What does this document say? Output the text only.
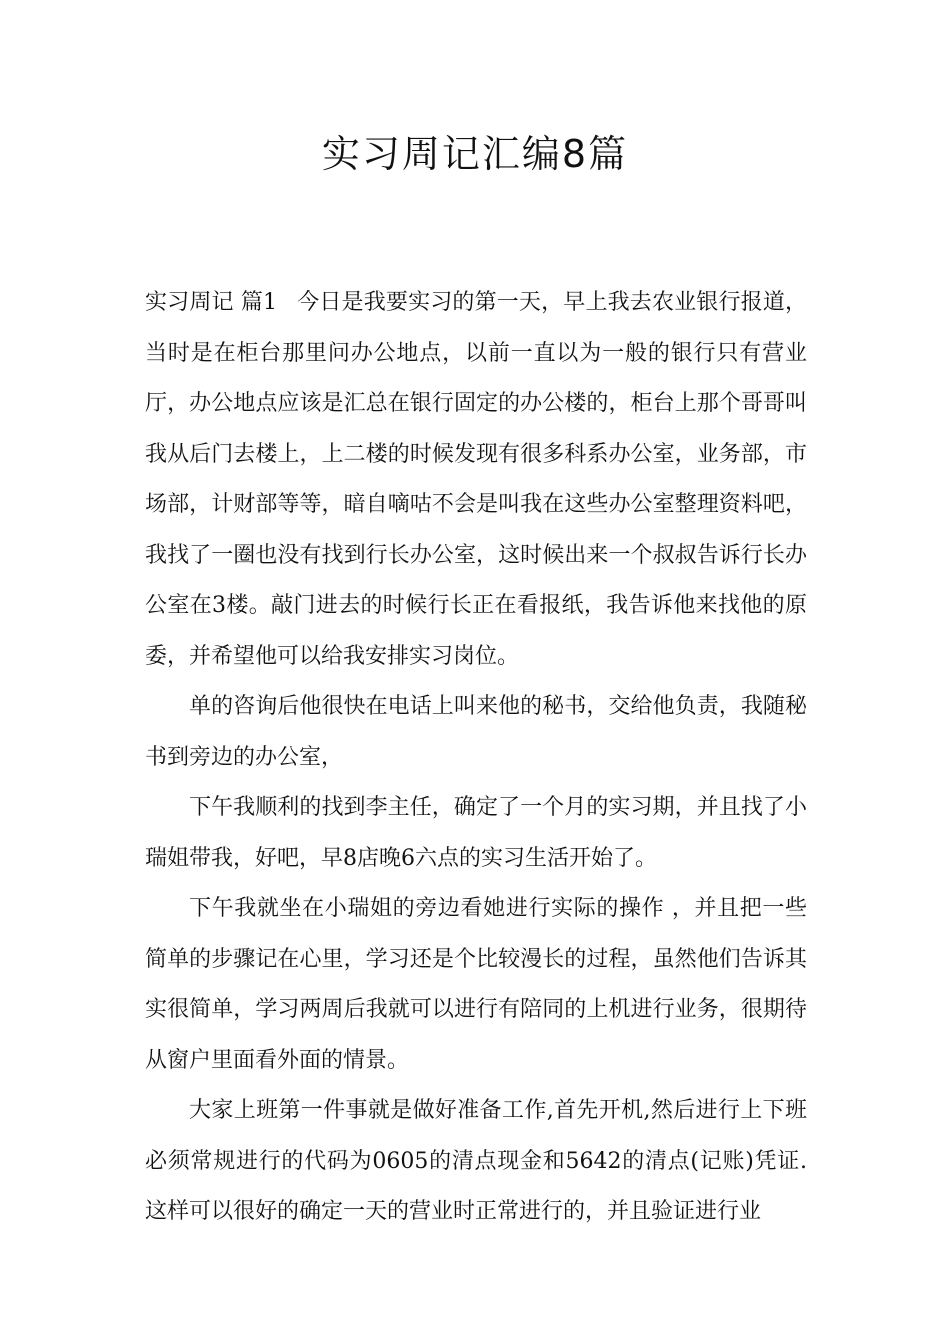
实习周记汇编8篇

实习周记 篇1 今日是我要实习的第一天，早上我去农业银行报道，当时是在柜台那里问办公地点，以前一直以为一般的银行只有营业厅，办公地点应该是汇总在银行固定的办公楼的，柜台上那个哥哥叫我从后门去楼上，上二楼的时候发现有很多科系办公室，业务部，市场部，计财部等等，暗自嘀咕不会是叫我在这些办公室整理资料吧，我找了一圈也没有找到行长办公室，这时候出来一个叔叔告诉行长办公室在3楼。敲门进去的时候行长正在看报纸，我告诉他来找他的原委，并希望他可以给我安排实习岗位。

单的咨询后他很快在电话上叫来他的秘书，交给他负责，我随秘书到旁边的办公室，

下午我顺利的找到李主任，确定了一个月的实习期，并且找了小瑞姐带我，好吧，早8店晚6六点的实习生活开始了。

下午我就坐在小瑞姐的旁边看她进行实际的操作 ，并且把一些简单的步骤记在心里，学习还是个比较漫长的过程，虽然他们告诉其实很简单，学习两周后我就可以进行有陪同的上机进行业务，很期待从窗户里面看外面的情景。

大家上班第一件事就是做好准备工作,首先开机,然后进行上下班必须常规进行的代码为0605的清点现金和5642的清点(记账)凭证.这样可以很好的确定一天的营业时正常进行的，并且验证进行业
